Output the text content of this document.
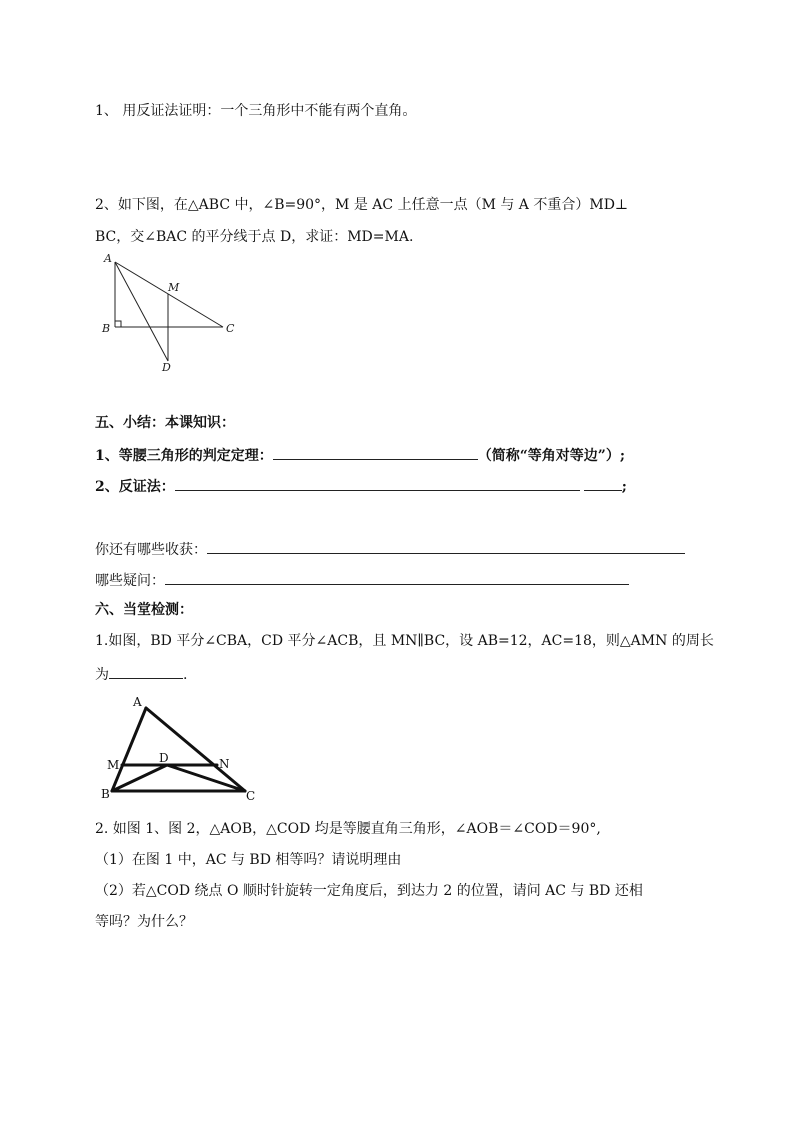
1、 用反证法证明：一个三角形中不能有两个直角。
2、如下图，在△ABC 中，∠B=90°，M 是 AC 上任意一点（M 与 A 不重合）MD⊥
BC，交∠BAC 的平分线于点 D，求证：MD=MA.
A
B	C
M
D
五、小结：本课知识：
1、等腰三角形的判定定理：	（简称“等角对等边”）;
2、反证法：	;
你还有哪些收获：
哪些疑问：
六、当堂检测：
1.如图，BD 平分∠CBA，CD 平分∠ACB，且 MN∥BC，设 AB=12，AC=18，则△AMN 的周长
为	.
A
B	C
M	N
D
2. 如图 1、图 2，△AOB，△COD 均是等腰直角三角形，∠AOB＝∠COD＝90°,
（1）在图 1 中，AC 与 BD 相等吗？请说明理由
（2）若△COD 绕点 O 顺时针旋转一定角度后，到达力 2 的位置，请问 AC 与 BD 还相
等吗？为什么？
